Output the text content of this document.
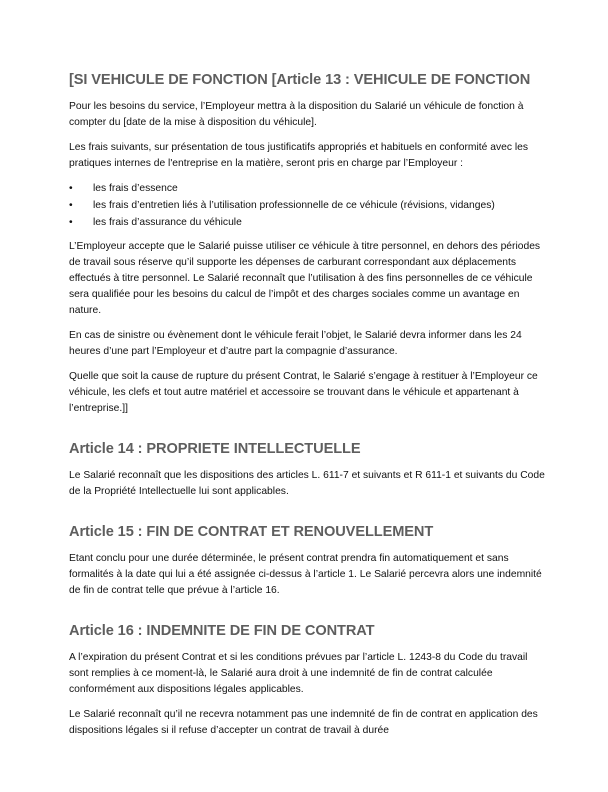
[SI VEHICULE DE FONCTION [Article 13 : VEHICULE DE FONCTION

Pour les besoins du service, l’Employeur mettra à la disposition du Salarié un véhicule de fonction à compter du [date de la mise à disposition du véhicule].

Les frais suivants, sur présentation de tous justificatifs appropriés et habituels en conformité avec les pratiques internes de l'entreprise en la matière, seront pris en charge par l’Employeur :

• les frais d’essence
• les frais d’entretien liés à l’utilisation professionnelle de ce véhicule (révisions, vidanges)
• les frais d’assurance du véhicule

L’Employeur accepte que le Salarié puisse utiliser ce véhicule à titre personnel, en dehors des périodes de travail sous réserve qu’il supporte les dépenses de carburant correspondant aux déplacements effectués à titre personnel. Le Salarié reconnaît que l’utilisation à des fins personnelles de ce véhicule sera qualifiée pour les besoins du calcul de l’impôt et des charges sociales comme un avantage en nature.

En cas de sinistre ou évènement dont le véhicule ferait l’objet, le Salarié devra informer dans les 24 heures d’une part l’Employeur et d’autre part la compagnie d’assurance.

Quelle que soit la cause de rupture du présent Contrat, le Salarié s’engage à restituer à l’Employeur ce véhicule, les clefs et tout autre matériel et accessoire se trouvant dans le véhicule et appartenant à l’entreprise.]]

Article 14 : PROPRIETE INTELLECTUELLE

Le Salarié reconnaît que les dispositions des articles L. 611-7 et suivants et R 611-1 et suivants du Code de la Propriété Intellectuelle lui sont applicables.

Article 15 : FIN DE CONTRAT ET RENOUVELLEMENT

Etant conclu pour une durée déterminée, le présent contrat prendra fin automatiquement et sans formalités à la date qui lui a été assignée ci-dessus à l’article 1. Le Salarié percevra alors une indemnité de fin de contrat telle que prévue à l’article 16.

Article 16 : INDEMNITE DE FIN DE CONTRAT

A l’expiration du présent Contrat et si les conditions prévues par l’article L. 1243-8 du Code du travail sont remplies à ce moment-là, le Salarié aura droit à une indemnité de fin de contrat calculée conformément aux dispositions légales applicables.

Le Salarié reconnaît qu’il ne recevra notamment pas une indemnité de fin de contrat en application des dispositions légales si il refuse d’accepter un contrat de travail à durée
